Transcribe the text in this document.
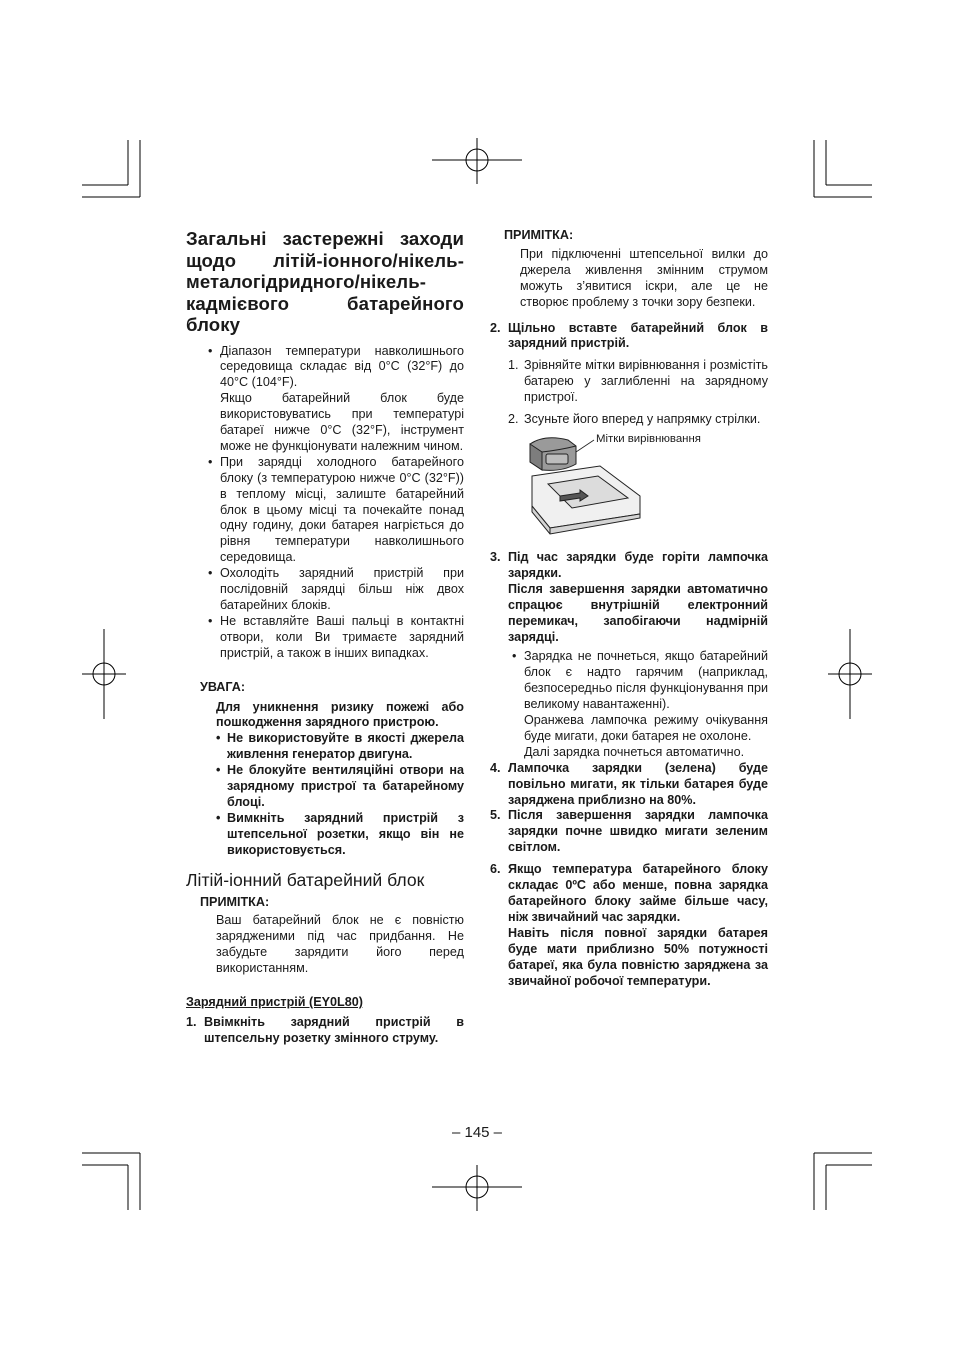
Загальні застережні заходи щодо літій-іонного/нікель-металогідридного/нікель-кадмієвого батарейного блоку
• Діапазон температури навколишнього середовища складає від 0°C (32°F) до 40°C (104°F).

Якщо батарейний блок буде використовуватись при температурі батареї нижче 0°C (32°F), інструмент може не функціонувати належним чином.

• При зарядці холодного батарейного блоку (з температурою нижче 0°C (32°F)) в теплому місці, залиште батарейний блок в цьому місці та почекайте понад одну годину, доки батарея нагріється до рівня температури навколишнього середовища.

• Охолодіть зарядний пристрій при послідовній зарядці більш ніж двох батарейних блоків.

• Не вставляйте Ваші пальці в контактні отвори, коли Ви тримаєте зарядний пристрій, а також в інших випадках.

УВАГА:

Для уникнення ризику пожежі або пошкодження зарядного пристрою.
• Не використовуйте в якості джерела живлення генератор двигуна.
• Не блокуйте вентиляційні отвори на зарядному пристрої та батарейному блоці.
• Вимкніть зарядний пристрій з штепсельної розетки, якщо він не використовується.
Літій-іонний батарейний блок

ПРИМІТКА:

Ваш батарейний блок не є повністю зарядженими під час придбання. Не забудьте зарядити його перед використанням.
Зарядний пристрій (EY0L80)
1. Ввімкніть зарядний пристрій в штепсельну розетку змінного струму.

ПРИМІТКА:

При підключенні штепсельної вилки до джерела живлення змінним струмом можуть з’явитися іскри, але це не створює проблему з точки зору безпеки.
2. Щільно вставте батарейний блок в зарядний пристрій.
1. Зрівняйте мітки вирівнювання і розмістіть батарею у заглибленні на зарядному пристрої.
2. Зсуньте його вперед у напрямку стрілки.
Мітки вирівнювання
3. Під час зарядки буде горіти лампочка зарядки.
Після завершення зарядки автоматично спрацює внутрішній електронний перемикач, запобігаючи надмірній зарядці.
• Зарядка не почнеться, якщо батарейний блок є надто гарячим (наприклад, безпосередньо після функціонування при великому навантаженні).

Оранжева лампочка режиму очікування буде мигати, доки батарея не охолоне.

Далі зарядка почнеться автоматично.

4. Лампочка зарядки (зелена) буде повільно мигати, як тільки батарея буде заряджена приблизно на 80%.
5. Після завершення зарядки лампочка зарядки почне швидко мигати зеленим світлом.
6. Якщо температура батарейного блоку складає 0ºC або менше, повна зарядка батарейного блоку займе більше часу, ніж звичайний час зарядки.
Навіть після повної зарядки батарея буде мати приблизно 50% потужності батареї, яка була повністю заряджена за звичайної робочої температури.
– 145 –
